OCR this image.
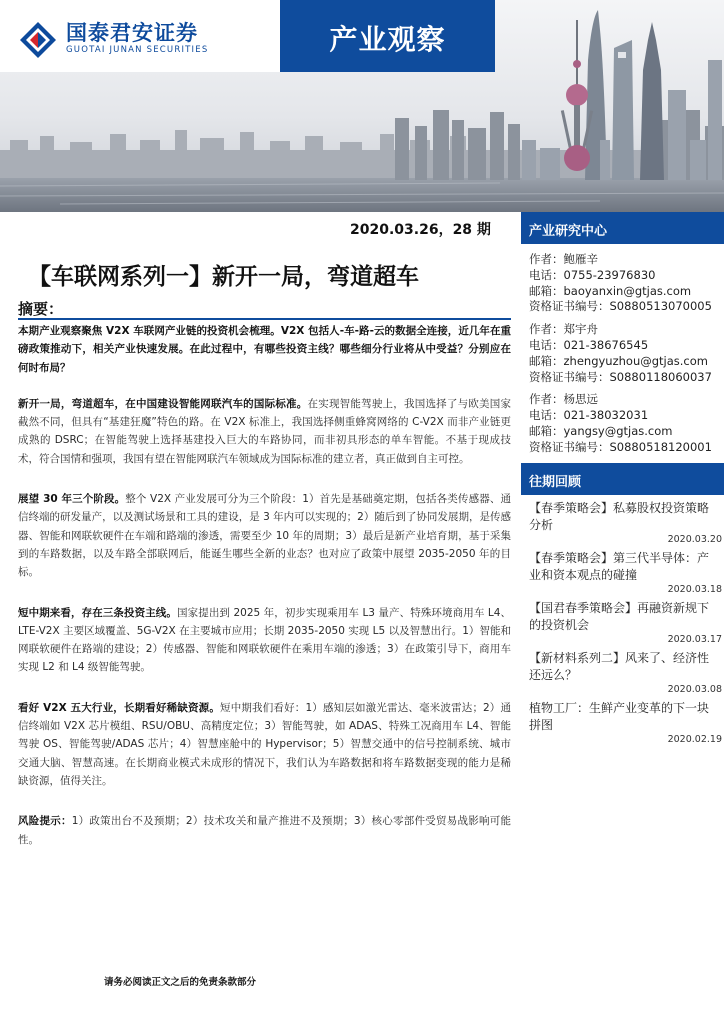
国泰君安证券
GUOTAI JUNAN SECURITIES	产业观察
2020.03.26，28 期
【车联网系列一】新开一局，弯道超车
摘要：

本期产业观察聚焦 V2X 车联网产业链的投资机会梳理。V2X 包括人-车-路-云的数据全连接，近几年在重磅政策推动下，相关产业快速发展。在此过程中，有哪些投资主线？哪些细分行业将从中受益？分别应在何时布局？

新开一局，弯道超车，在中国建设智能网联汽车的国际标准。在实现智能驾驶上，我国选择了与欧美国家截然不同，但具有“基建狂魔”特色的路。在 V2X 标准上，我国选择侧重蜂窝网络的 C-V2X 而非产业链更成熟的 DSRC；在智能驾驶上选择基建投入巨大的车路协同，而非初具形态的单车智能。不基于现成技术，符合国情和强项，我国有望在智能网联汽车领域成为国际标准的建立者，真正做到自主可控。

展望 30 年三个阶段。整个 V2X 产业发展可分为三个阶段：1）首先是基础奠定期，包括各类传感器、通信终端的研发量产，以及测试场景和工具的建设，是 3 年内可以实现的；2）随后到了协同发展期，是传感器、智能和网联软硬件在车端和路端的渗透，需要至少 10 年的周期；3）最后是新产业培育期，基于采集到的车路数据，以及车路全部联网后，能诞生哪些全新的业态？也对应了政策中展望 2035-2050 年的目标。

短中期来看，存在三条投资主线。国家提出到 2025 年，初步实现乘用车 L3 量产、特殊环境商用车 L4、LTE-V2X 主要区域覆盖、5G-V2X 在主要城市应用；长期 2035-2050 实现 L5 以及智慧出行。1）智能和网联软硬件在路端的建设；2）传感器、智能和网联软硬件在乘用车端的渗透；3）在政策引导下，商用车实现 L2 和 L4 级智能驾驶。

看好 V2X 五大行业，长期看好稀缺资源。短中期我们看好：1）感知层如激光雷达、毫米波雷达；2）通信终端如 V2X 芯片模组、RSU/OBU、高精度定位；3）智能驾驶，如 ADAS、特殊工况商用车 L4、智能驾驶 OS、智能驾驶/ADAS 芯片；4）智慧座舱中的 Hypervisor；5）智慧交通中的信号控制系统、城市交通大脑、智慧高速。在长期商业模式未成形的情况下，我们认为车路数据和将车路数据变现的能力是稀缺资源，值得关注。

风险提示：1）政策出台不及预期；2）技术攻关和量产推进不及预期；3）核心零部件受贸易战影响可能性。

请务必阅读正文之后的免责条款部分
产业研究中心
作者：鲍雁辛
电话：0755-23976830
邮箱：baoyanxin@gtjas.com
资格证书编号：S0880513070005
作者：郑宇舟
电话：021-38676545
邮箱：zhengyuzhou@gtjas.com
资格证书编号：S0880118060037
作者：杨思远
电话：021-38032031
邮箱：yangsy@gtjas.com
资格证书编号：S0880518120001
往期回顾
【春季策略会】私募股权投资策略分析
2020.03.20
【春季策略会】第三代半导体：产业和资本观点的碰撞
2020.03.18
【国君春季策略会】再融资新规下的投资机会
2020.03.17
【新材料系列二】风来了、经济性还远么？
2020.03.08
植物工厂：生鲜产业变革的下一块拼图
2020.02.19
